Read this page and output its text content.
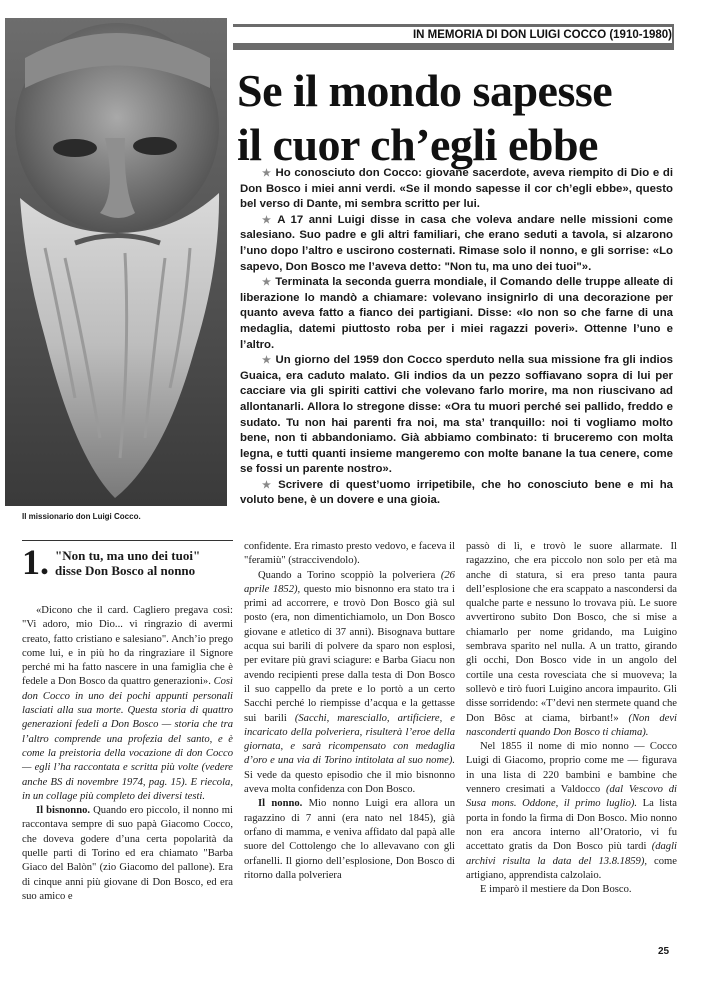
Il missionario don Luigi Cocco.
IN MEMORIA DI DON LUIGI COCCO (1910-1980)
Se il mondo sapesse
il cuor ch’egli ebbe

★ Ho conosciuto don Cocco: giovane sacerdote, aveva riempito di Dio e di Don Bosco i miei anni verdi. «Se il mondo sapesse il cor ch’egli ebbe», questo bel verso di Dante, mi sembra scritto per lui.

★ A 17 anni Luigi disse in casa che voleva andare nelle missioni come salesiano. Suo padre e gli altri familiari, che erano seduti a tavola, si alzarono l’uno dopo l’altro e uscirono costernati. Rimase solo il nonno, e gli sorrise: «Lo sapevo, Don Bosco me l’aveva detto: "Non tu, ma uno dei tuoi"».

★ Terminata la seconda guerra mondiale, il Comando delle truppe alleate di liberazione lo mandò a chiamare: volevano insignirlo di una decorazione per quanto aveva fatto a fianco dei partigiani. Disse: «Io non so che farne di una medaglia, datemi piuttosto roba per i miei ragazzi poveri». Ottenne l’uno e l’altro.

★ Un giorno del 1959 don Cocco sperduto nella sua missione fra gli indios Guaica, era caduto malato. Gli indios da un pezzo soffiavano sopra di lui per cacciare via gli spiriti cattivi che volevano farlo morire, ma non riuscivano ad allontanarli. Allora lo stregone disse: «Ora tu muori perché sei pallido, freddo e sudato. Tu non hai parenti fra noi, ma sta’ tranquillo: noi ti vogliamo molto bene, non ti abbandoniamo. Già abbiamo combinato: ti bruceremo con molta legna, e tutti quanti insieme mangeremo con molte banane la tua cenere, come se fossi un parente nostro».

★ Scrivere di quest’uomo irripetibile, che ho conosciuto bene e mi ha voluto bene, è un dovere e una gioia.

1. "Non tu, ma uno dei tuoi"
disse Don Bosco al nonno

«Dicono che il card. Cagliero pregava così: "Vi adoro, mio Dio... vi ringrazio di avermi creato, fatto cristiano e salesiano". Anch’io prego come lui, e in più ho da ringraziare il Signore perché mi ha fatto nascere in una famiglia che è fedele a Don Bosco da quattro generazioni». Così don Cocco in uno dei pochi appunti personali lasciati alla sua morte. Questa storia di quattro generazioni fedeli a Don Bosco — storia che tra l’altro comprende una profezia del santo, e è come la preistoria della vocazione di don Cocco — egli l’ha raccontata e scritta più volte (vedere anche BS di novembre 1974, pag. 15). E riecola, in un collage più completo dei diversi testi.

Il bisnonno. Quando ero piccolo, il nonno mi raccontava sempre di suo papà Giacomo Cocco, che doveva godere d’una certa popolarità da quelle parti di Torino ed era chiamato "Barba Giaco del Balòn" (zio Giacomo del pallone). Era di cinque anni più giovane di Don Bosco, ed era suo amico e

confidente. Era rimasto presto vedovo, e faceva il "feramiù" (straccivendolo).

Quando a Torino scoppiò la polveriera (26 aprile 1852), questo mio bisnonno era stato tra i primi ad accorrere, e trovò Don Bosco già sul posto (era, non dimentichiamolo, un Don Bosco giovane e atletico di 37 anni). Bisognava buttare acqua sui barili di polvere da sparo non esplosi, per evitare più gravi sciagure: e Barba Giacu non avendo recipienti prese dalla testa di Don Bosco il suo cappello da prete e lo portò a un certo Sacchi perché lo riempisse d’acqua e la gettasse sui barili (Sacchi, maresciallo, artificiere, e incaricato della polveriera, risulterà l’eroe della giornata, e sarà ricompensato con medaglia d’oro e una via di Torino intitolata al suo nome). Si vede da questo episodio che il mio bisnonno aveva molta confidenza con Don Bosco.

Il nonno. Mio nonno Luigi era allora un ragazzino di 7 anni (era nato nel 1845), già orfano di mamma, e veniva affidato dal papà alle suore del Cottolengo che lo allevavano con gli orfanelli. Il giorno dell’esplosione, Don Bosco di ritorno dalla polveriera

passò di lì, e trovò le suore allarmate. Il ragazzino, che era piccolo non solo per età ma anche di statura, si era preso tanta paura dell’esplosione che era scappato a nascondersi da qualche parte e nessuno lo trovava più. Le suore avvertirono subito Don Bosco, che si mise a chiamarlo per nome gridando, ma Luigino sembrava sparito nel nulla. A un tratto, girando gli occhi, Don Bosco vide in un angolo del cortile una cesta rovesciata che si muoveva; la sollevò e tirò fuori Luigino ancora impaurito. Gli disse sorridendo: «T’devi nen stermete quand che Don Bôsc at ciama, birbant!» (Non devi nasconderti quando Don Bosco ti chiama).

Nel 1855 il nome di mio nonno — Cocco Luigi di Giacomo, proprio come me — figurava in una lista di 220 bambini e bambine che vennero cresimati a Valdocco (dal Vescovo di Susa mons. Oddone, il primo luglio). La lista porta in fondo la firma di Don Bosco. Mio nonno non era ancora interno all’Oratorio, vi fu accettato gratis da Don Bosco più tardi (dagli archivi risulta la data del 13.8.1859), come artigiano, apprendista calzolaio.

E imparò il mestiere da Don Bosco.

25
